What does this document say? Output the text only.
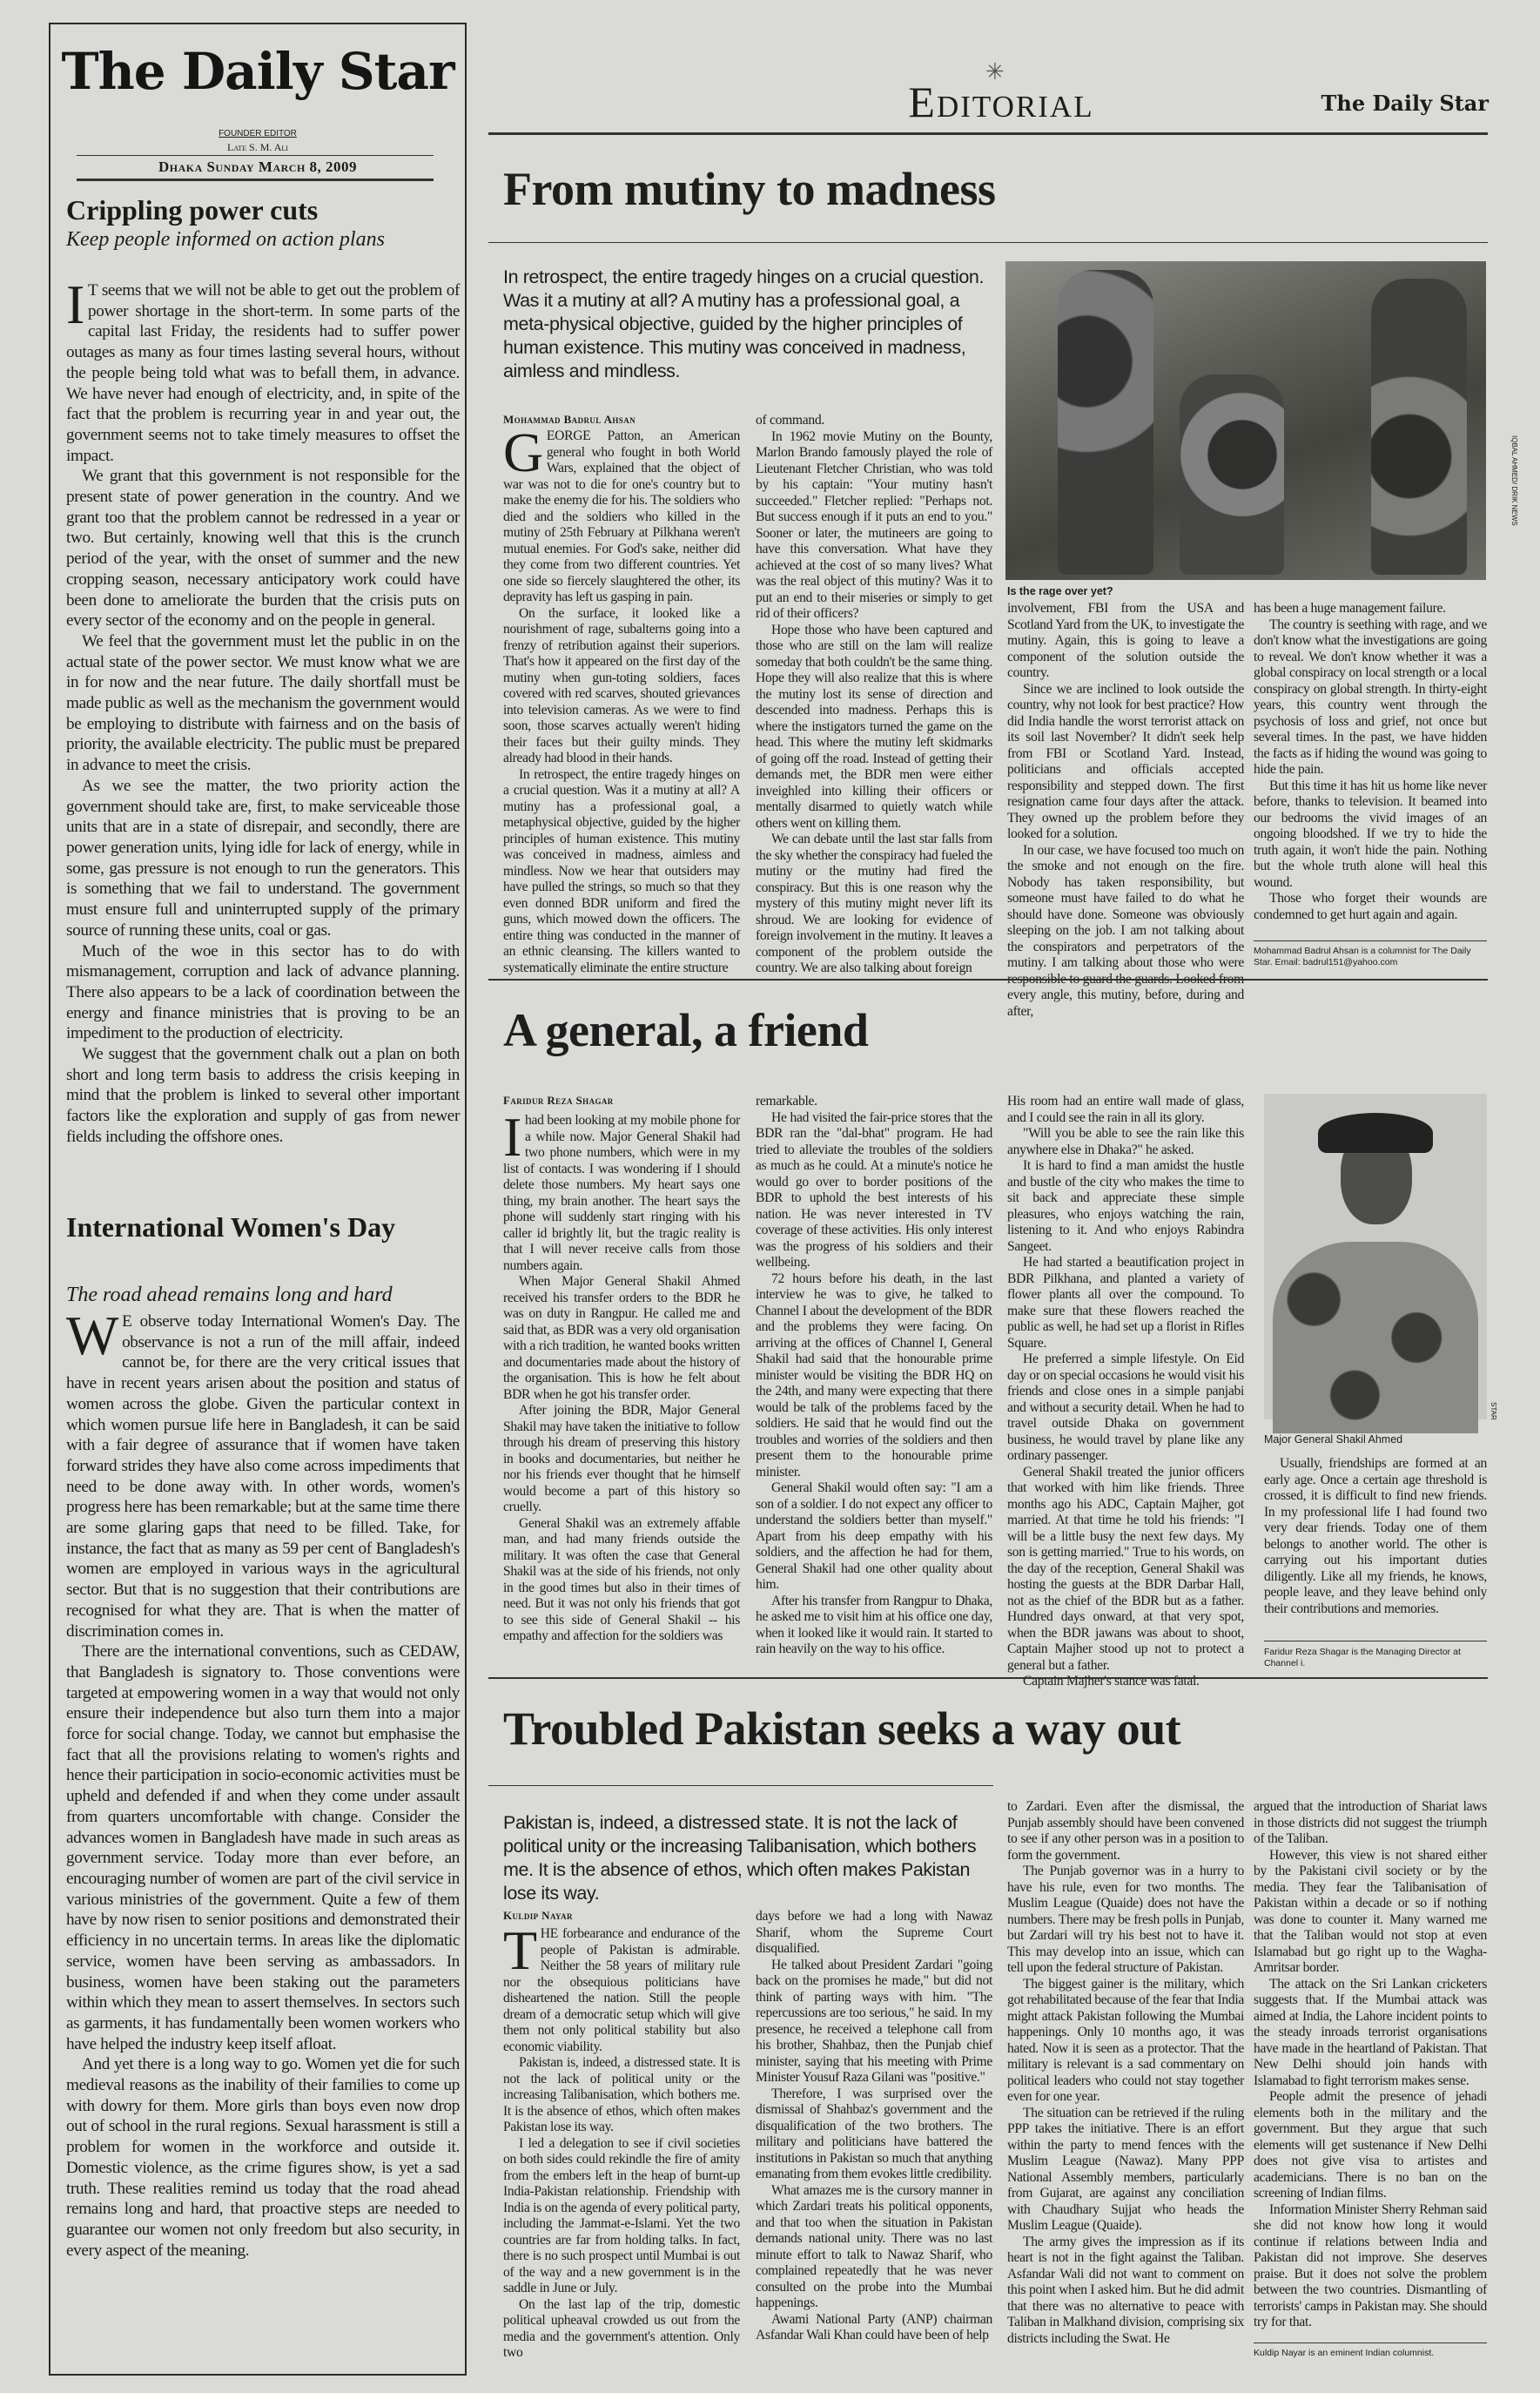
The Daily Star
FOUNDER EDITOR
Late S. M. Ali
Dhaka Sunday March 8, 2009
Crippling power cuts
Keep people informed on action plans

IT seems that we will not be able to get out the problem of power shortage in the short-term. In some parts of the capital last Friday, the residents had to suffer power outages as many as four times lasting several hours, without the people being told what was to befall them, in advance. We have never had enough of electricity, and, in spite of the fact that the problem is recurring year in and year out, the government seems not to take timely measures to offset the impact.

We grant that this government is not responsible for the present state of power generation in the country. And we grant too that the problem cannot be redressed in a year or two. But certainly, knowing well that this is the crunch period of the year, with the onset of summer and the new cropping season, necessary anticipatory work could have been done to ameliorate the burden that the crisis puts on every sector of the economy and on the people in general.

We feel that the government must let the public in on the actual state of the power sector. We must know what we are in for now and the near future. The daily shortfall must be made public as well as the mechanism the government would be employing to distribute with fairness and on the basis of priority, the available electricity. The public must be prepared in advance to meet the crisis.

As we see the matter, the two priority action the government should take are, first, to make serviceable those units that are in a state of disrepair, and secondly, there are power generation units, lying idle for lack of energy, while in some, gas pressure is not enough to run the generators. This is something that we fail to understand. The government must ensure full and uninterrupted supply of the primary source of running these units, coal or gas.

Much of the woe in this sector has to do with mismanagement, corruption and lack of advance planning. There also appears to be a lack of coordination between the energy and finance ministries that is proving to be an impediment to the production of electricity.

We suggest that the government chalk out a plan on both short and long term basis to address the crisis keeping in mind that the problem is linked to several other important factors like the exploration and supply of gas from newer fields including the offshore ones.

International Women's Day
The road ahead remains long and hard

WE observe today International Women's Day. The observance is not a run of the mill affair, indeed cannot be, for there are the very critical issues that have in recent years arisen about the position and status of women across the globe. Given the particular context in which women pursue life here in Bangladesh, it can be said with a fair degree of assurance that if women have taken forward strides they have also come across impediments that need to be done away with. In other words, women's progress here has been remarkable; but at the same time there are some glaring gaps that need to be filled. Take, for instance, the fact that as many as 59 per cent of Bangladesh's women are employed in various ways in the agricultural sector. But that is no suggestion that their contributions are recognised for what they are. That is when the matter of discrimination comes in.

There are the international conventions, such as CEDAW, that Bangladesh is signatory to. Those conventions were targeted at empowering women in a way that would not only ensure their independence but also turn them into a major force for social change. Today, we cannot but emphasise the fact that all the provisions relating to women's rights and hence their participation in socio-economic activities must be upheld and defended if and when they come under assault from quarters uncomfortable with change. Consider the advances women in Bangladesh have made in such areas as government service. Today more than ever before, an encouraging number of women are part of the civil service in various ministries of the government. Quite a few of them have by now risen to senior positions and demonstrated their efficiency in no uncertain terms. In areas like the diplomatic service, women have been serving as ambassadors. In business, women have been staking out the parameters within which they mean to assert themselves. In sectors such as garments, it has fundamentally been women workers who have helped the industry keep itself afloat.

And yet there is a long way to go. Women yet die for such medieval reasons as the inability of their families to come up with dowry for them. More girls than boys even now drop out of school in the rural regions. Sexual harassment is still a problem for women in the workforce and outside it. Domestic violence, as the crime figures show, is yet a sad truth. These realities remind us today that the road ahead remains long and hard, that proactive steps are needed to guarantee our women not only freedom but also security, in every aspect of the meaning.

Editorial
✳
The Daily Star
From mutiny to madness
In retrospect, the entire tragedy hinges on a crucial question. Was it a mutiny at all? A mutiny has a professional goal, a meta-physical objective, guided by the higher principles of human existence. This mutiny was conceived in madness, aimless and mindless.
IQBAL AHMED/ DRIK NEWS
Is the rage over yet?
Mohammad Badrul Ahsan

GEORGE Patton, an American general who fought in both World Wars, explained that the object of war was not to die for one's country but to make the enemy die for his. The soldiers who died and the soldiers who killed in the mutiny of 25th February at Pilkhana weren't mutual enemies. For God's sake, neither did they come from two different countries. Yet one side so fiercely slaughtered the other, its depravity has left us gasping in pain.

On the surface, it looked like a nourishment of rage, subalterns going into a frenzy of retribution against their superiors. That's how it appeared on the first day of the mutiny when gun-toting soldiers, faces covered with red scarves, shouted grievances into television cameras. As we were to find soon, those scarves actually weren't hiding their faces but their guilty minds. They already had blood in their hands.

In retrospect, the entire tragedy hinges on a crucial question. Was it a mutiny at all? A mutiny has a professional goal, a metaphysical objective, guided by the higher principles of human existence. This mutiny was conceived in madness, aimless and mindless. Now we hear that outsiders may have pulled the strings, so much so that they even donned BDR uniform and fired the guns, which mowed down the officers. The entire thing was conducted in the manner of an ethnic cleansing. The killers wanted to systematically eliminate the entire structure

of command.

In 1962 movie Mutiny on the Bounty, Marlon Brando famously played the role of Lieutenant Fletcher Christian, who was told by his captain: "Your mutiny hasn't succeeded." Fletcher replied: "Perhaps not. But success enough if it puts an end to you." Sooner or later, the mutineers are going to have this conversation. What have they achieved at the cost of so many lives? What was the real object of this mutiny? Was it to put an end to their miseries or simply to get rid of their officers?

Hope those who have been captured and those who are still on the lam will realize someday that both couldn't be the same thing. Hope they will also realize that this is where the mutiny lost its sense of direction and descended into madness. Perhaps this is where the instigators turned the game on the head. This where the mutiny left skidmarks of going off the road. Instead of getting their demands met, the BDR men were either inveighled into killing their officers or mentally disarmed to quietly watch while others went on killing them.

We can debate until the last star falls from the sky whether the conspiracy had fueled the mutiny or the mutiny had fired the conspiracy. But this is one reason why the mystery of this mutiny might never lift its shroud. We are looking for evidence of foreign involvement in the mutiny. It leaves a component of the problem outside the country. We are also talking about foreign

involvement, FBI from the USA and Scotland Yard from the UK, to investigate the mutiny. Again, this is going to leave a component of the solution outside the country.

Since we are inclined to look outside the country, why not look for best practice? How did India handle the worst terrorist attack on its soil last November? It didn't seek help from FBI or Scotland Yard. Instead, politicians and officials accepted responsibility and stepped down. The first resignation came four days after the attack. They owned up the problem before they looked for a solution.

In our case, we have focused too much on the smoke and not enough on the fire. Nobody has taken responsibility, but someone must have failed to do what he should have done. Someone was obviously sleeping on the job. I am not talking about the conspirators and perpetrators of the mutiny. I am talking about those who were responsible to guard the guards. Looked from every angle, this mutiny, before, during and after,

has been a huge management failure.

The country is seething with rage, and we don't know what the investigations are going to reveal. We don't know whether it was a global conspiracy on local strength or a local conspiracy on global strength. In thirty-eight years, this country went through the psychosis of loss and grief, not once but several times. In the past, we have hidden the facts as if hiding the wound was going to hide the pain.

But this time it has hit us home like never before, thanks to television. It beamed into our bedrooms the vivid images of an ongoing bloodshed. If we try to hide the truth again, it won't hide the pain. Nothing but the whole truth alone will heal this wound.

Those who forget their wounds are condemned to get hurt again and again.

Mohammad Badrul Ahsan is a columnist for The Daily Star. Email: badrul151@yahoo.com
A general, a friend
Faridur Reza Shagar

Ihad been looking at my mobile phone for a while now. Major General Shakil had two phone numbers, which were in my list of contacts. I was wondering if I should delete those numbers. My heart says one thing, my brain another. The heart says the phone will suddenly start ringing with his caller id brightly lit, but the tragic reality is that I will never receive calls from those numbers again.

When Major General Shakil Ahmed received his transfer orders to the BDR he was on duty in Rangpur. He called me and said that, as BDR was a very old organisation with a rich tradition, he wanted books written and documentaries made about the history of the organisation. This is how he felt about BDR when he got his transfer order.

After joining the BDR, Major General Shakil may have taken the initiative to follow through his dream of preserving this history in books and documentaries, but neither he nor his friends ever thought that he himself would become a part of this history so cruelly.

General Shakil was an extremely affable man, and had many friends outside the military. It was often the case that General Shakil was at the side of his friends, not only in the good times but also in their times of need. But it was not only his friends that got to see this side of General Shakil -- his empathy and affection for the soldiers was

remarkable.

He had visited the fair-price stores that the BDR ran the "dal-bhat" program. He had tried to alleviate the troubles of the soldiers as much as he could. At a minute's notice he would go over to border positions of the BDR to uphold the best interests of his nation. He was never interested in TV coverage of these activities. His only interest was the progress of his soldiers and their wellbeing.

72 hours before his death, in the last interview he was to give, he talked to Channel I about the development of the BDR and the problems they were facing. On arriving at the offices of Channel I, General Shakil had said that the honourable prime minister would be visiting the BDR HQ on the 24th, and many were expecting that there would be talk of the problems faced by the soldiers. He said that he would find out the troubles and worries of the soldiers and then present them to the honourable prime minister.

General Shakil would often say: "I am a son of a soldier. I do not expect any officer to understand the soldiers better than myself." Apart from his deep empathy with his soldiers, and the affection he had for them, General Shakil had one other quality about him.

After his transfer from Rangpur to Dhaka, he asked me to visit him at his office one day, when it looked like it would rain. It started to rain heavily on the way to his office.

His room had an entire wall made of glass, and I could see the rain in all its glory.

"Will you be able to see the rain like this anywhere else in Dhaka?" he asked.

It is hard to find a man amidst the hustle and bustle of the city who makes the time to sit back and appreciate these simple pleasures, who enjoys watching the rain, listening to it. And who enjoys Rabindra Sangeet.

He had started a beautification project in BDR Pilkhana, and planted a variety of flower plants all over the compound. To make sure that these flowers reached the public as well, he had set up a florist in Rifles Square.

He preferred a simple lifestyle. On Eid day or on special occasions he would visit his friends and close ones in a simple panjabi and without a security detail. When he had to travel outside Dhaka on government business, he would travel by plane like any ordinary passenger.

General Shakil treated the junior officers that worked with him like friends. Three months ago his ADC, Captain Majher, got married. At that time he told his friends: "I will be a little busy the next few days. My son is getting married." True to his words, on the day of the reception, General Shakil was hosting the guests at the BDR Darbar Hall, not as the chief of the BDR but as a father. Hundred days onward, at that very spot, when the BDR jawans was about to shoot, Captain Majher stood up not to protect a general but a father.

Captain Majher's stance was fatal.

STAR
Major General Shakil Ahmed

Usually, friendships are formed at an early age. Once a certain age threshold is crossed, it is difficult to find new friends. In my professional life I had found two very dear friends. Today one of them belongs to another world. The other is carrying out his important duties diligently. Like all my friends, he knows, people leave, and they leave behind only their contributions and memories.

Faridur Reza Shagar is the Managing Director at Channel i.
Troubled Pakistan seeks a way out
Pakistan is, indeed, a distressed state. It is not the lack of political unity or the increasing Talibanisation, which bothers me. It is the absence of ethos, which often makes Pakistan lose its way.
Kuldip Nayar

THE forbearance and endurance of the people of Pakistan is admirable. Neither the 58 years of military rule nor the obsequious politicians have disheartened the nation. Still the people dream of a democratic setup which will give them not only political stability but also economic viability.

Pakistan is, indeed, a distressed state. It is not the lack of political unity or the increasing Talibanisation, which bothers me. It is the absence of ethos, which often makes Pakistan lose its way.

I led a delegation to see if civil societies on both sides could rekindle the fire of amity from the embers left in the heap of burnt-up India-Pakistan relationship. Friendship with India is on the agenda of every political party, including the Jammat-e-Islami. Yet the two countries are far from holding talks. In fact, there is no such prospect until Mumbai is out of the way and a new government is in the saddle in June or July.

On the last lap of the trip, domestic political upheaval crowded us out from the media and the government's attention. Only two

days before we had a long with Nawaz Sharif, whom the Supreme Court disqualified.

He talked about President Zardari "going back on the promises he made," but did not think of parting ways with him. "The repercussions are too serious," he said. In my presence, he received a telephone call from his brother, Shahbaz, then the Punjab chief minister, saying that his meeting with Prime Minister Yousuf Raza Gilani was "positive."

Therefore, I was surprised over the dismissal of Shahbaz's government and the disqualification of the two brothers. The military and politicians have battered the institutions in Pakistan so much that anything emanating from them evokes little credibility.

What amazes me is the cursory manner in which Zardari treats his political opponents, and that too when the situation in Pakistan demands national unity. There was no last minute effort to talk to Nawaz Sharif, who complained repeatedly that he was never consulted on the probe into the Mumbai happenings.

Awami National Party (ANP) chairman Asfandar Wali Khan could have been of help

to Zardari. Even after the dismissal, the Punjab assembly should have been convened to see if any other person was in a position to form the government.

The Punjab governor was in a hurry to have his rule, even for two months. The Muslim League (Quaide) does not have the numbers. There may be fresh polls in Punjab, but Zardari will try his best not to have it. This may develop into an issue, which can tell upon the federal structure of Pakistan.

The biggest gainer is the military, which got rehabilitated because of the fear that India might attack Pakistan following the Mumbai happenings. Only 10 months ago, it was hated. Now it is seen as a protector. That the military is relevant is a sad commentary on political leaders who could not stay together even for one year.

The situation can be retrieved if the ruling PPP takes the initiative. There is an effort within the party to mend fences with the Muslim League (Nawaz). Many PPP National Assembly members, particularly from Gujarat, are against any conciliation with Chaudhary Sujjat who heads the Muslim League (Quaide).

The army gives the impression as if its heart is not in the fight against the Taliban. Asfandar Wali did not want to comment on this point when I asked him. But he did admit that there was no alternative to peace with Taliban in Malkhand division, comprising six districts including the Swat. He

argued that the introduction of Shariat laws in those districts did not suggest the triumph of the Taliban.

However, this view is not shared either by the Pakistani civil society or by the media. They fear the Talibanisation of Pakistan within a decade or so if nothing was done to counter it. Many warned me that the Taliban would not stop at even Islamabad but go right up to the Wagha-Amritsar border.

The attack on the Sri Lankan cricketers suggests that. If the Mumbai attack was aimed at India, the Lahore incident points to the steady inroads terrorist organisations have made in the heartland of Pakistan. That New Delhi should join hands with Islamabad to fight terrorism makes sense.

People admit the presence of jehadi elements both in the military and the government. But they argue that such elements will get sustenance if New Delhi does not give visa to artistes and academicians. There is no ban on the screening of Indian films.

Information Minister Sherry Rehman said she did not know how long it would continue if relations between India and Pakistan did not improve. She deserves praise. But it does not solve the problem between the two countries. Dismantling of terrorists' camps in Pakistan may. She should try for that.

Kuldip Nayar is an eminent Indian columnist.
